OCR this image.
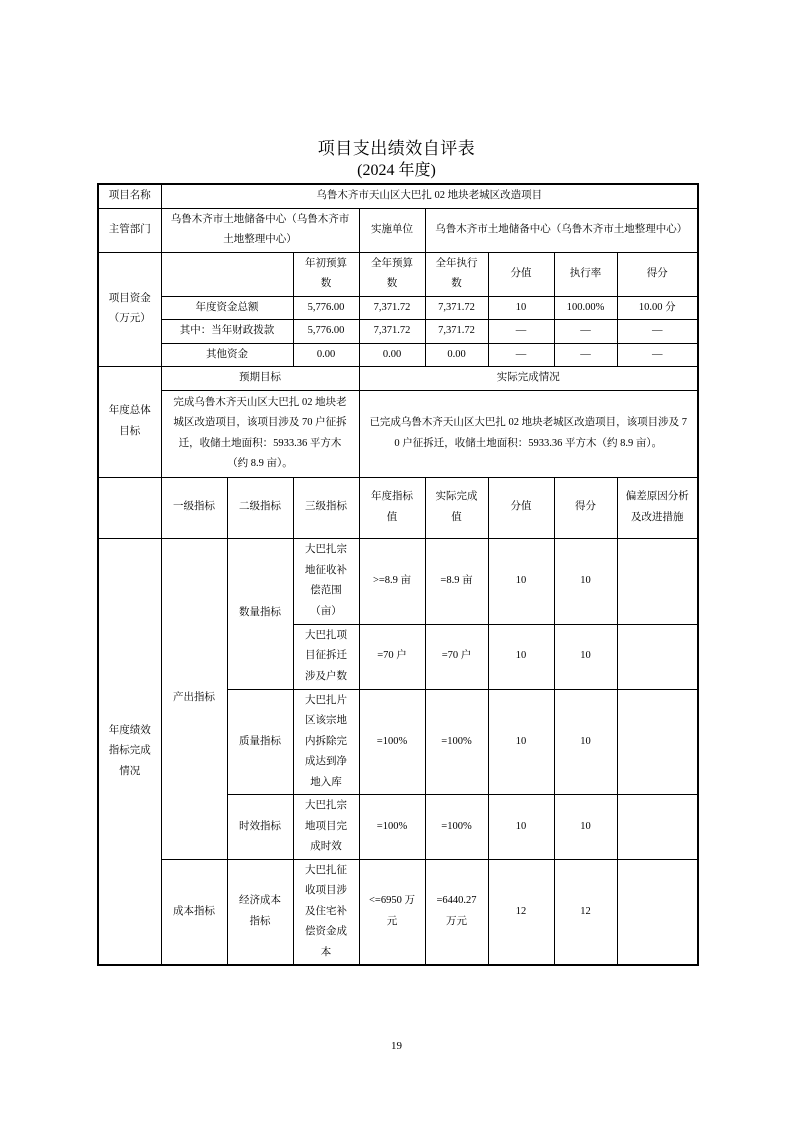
项目支出绩效自评表
(2024 年度)
项目名称	乌鲁木齐市天山区大巴扎 02 地块老城区改造项目							
主管部门	乌鲁木齐市土地储备中心（乌鲁木齐市土地整理中心）			实施单位	乌鲁木齐市土地储备中心（乌鲁木齐市土地整理中心）			
项目资金（万元）			年初预算数	全年预算数	全年执行数	分值	执行率	得分
	年度资金总额		5,776.00	7,371.72	7,371.72	10	100.00%	10.00 分
	其中：当年财政拨款		5,776.00	7,371.72	7,371.72	—	—	—
	其他资金		0.00	0.00	0.00	—	—	—
年度总体目标	预期目标			实际完成情况				
	完成乌鲁木齐天山区大巴扎 02 地块老城区改造项目，该项目涉及 70 户征拆迁，收储土地面积：5933.36 平方木（约 8.9 亩）。			已完成乌鲁木齐天山区大巴扎 02 地块老城区改造项目，该项目涉及 70 户征拆迁，收储土地面积：5933.36 平方木（约 8.9 亩）。				
	一级指标	二级指标	三级指标	年度指标值	实际完成值	分值	得分	偏差原因分析及改进措施
年度绩效指标完成情况	产出指标	数量指标	大巴扎宗地征收补偿范围（亩）	>=8.9 亩	=8.9 亩	10	10	
			大巴扎项目征拆迁涉及户数	=70 户	=70 户	10	10	
		质量指标	大巴扎片区该宗地内拆除完成达到净地入库	=100%	=100%	10	10	
		时效指标	大巴扎宗地项目完成时效	=100%	=100%	10	10	
	成本指标	经济成本指标	大巴扎征收项目涉及住宅补偿资金成本	<=6950 万元	=6440.27 万元	12	12	
19
